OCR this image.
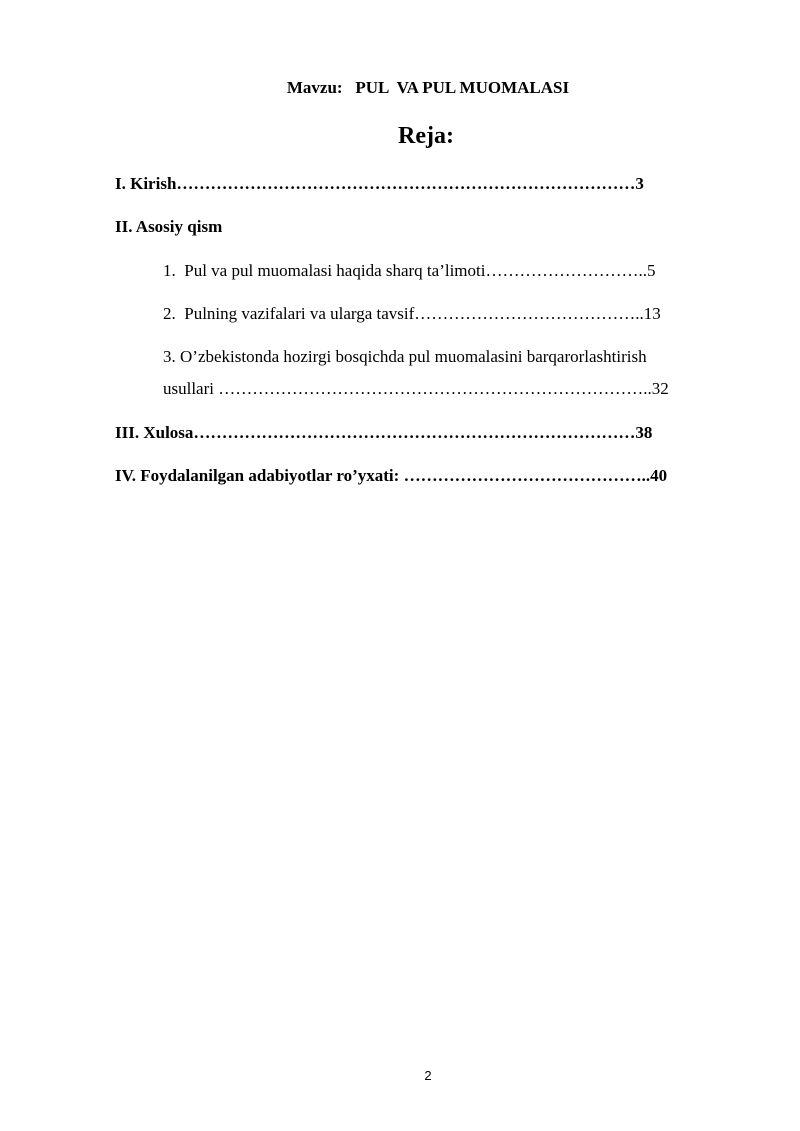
Mavzu:   PUL  VA PUL MUOMALASI
Reja:
I. Kirish………………………………………………………………………3
II. Asosiy qism
1.  Pul va pul muomalasi haqida sharq ta’limoti………………………..5
2.  Pulning vazifalari va ularga tavsif…………………………………..13
3. O’zbekistonda hozirgi bosqichda pul muomalasini barqarorlashtirish
usullari …………………………………………………………………..32
III. Xulosa……………………………………………………………………38
IV. Foydalanilgan adabiyotlar ro’yxati: ……………………………………..40
2
